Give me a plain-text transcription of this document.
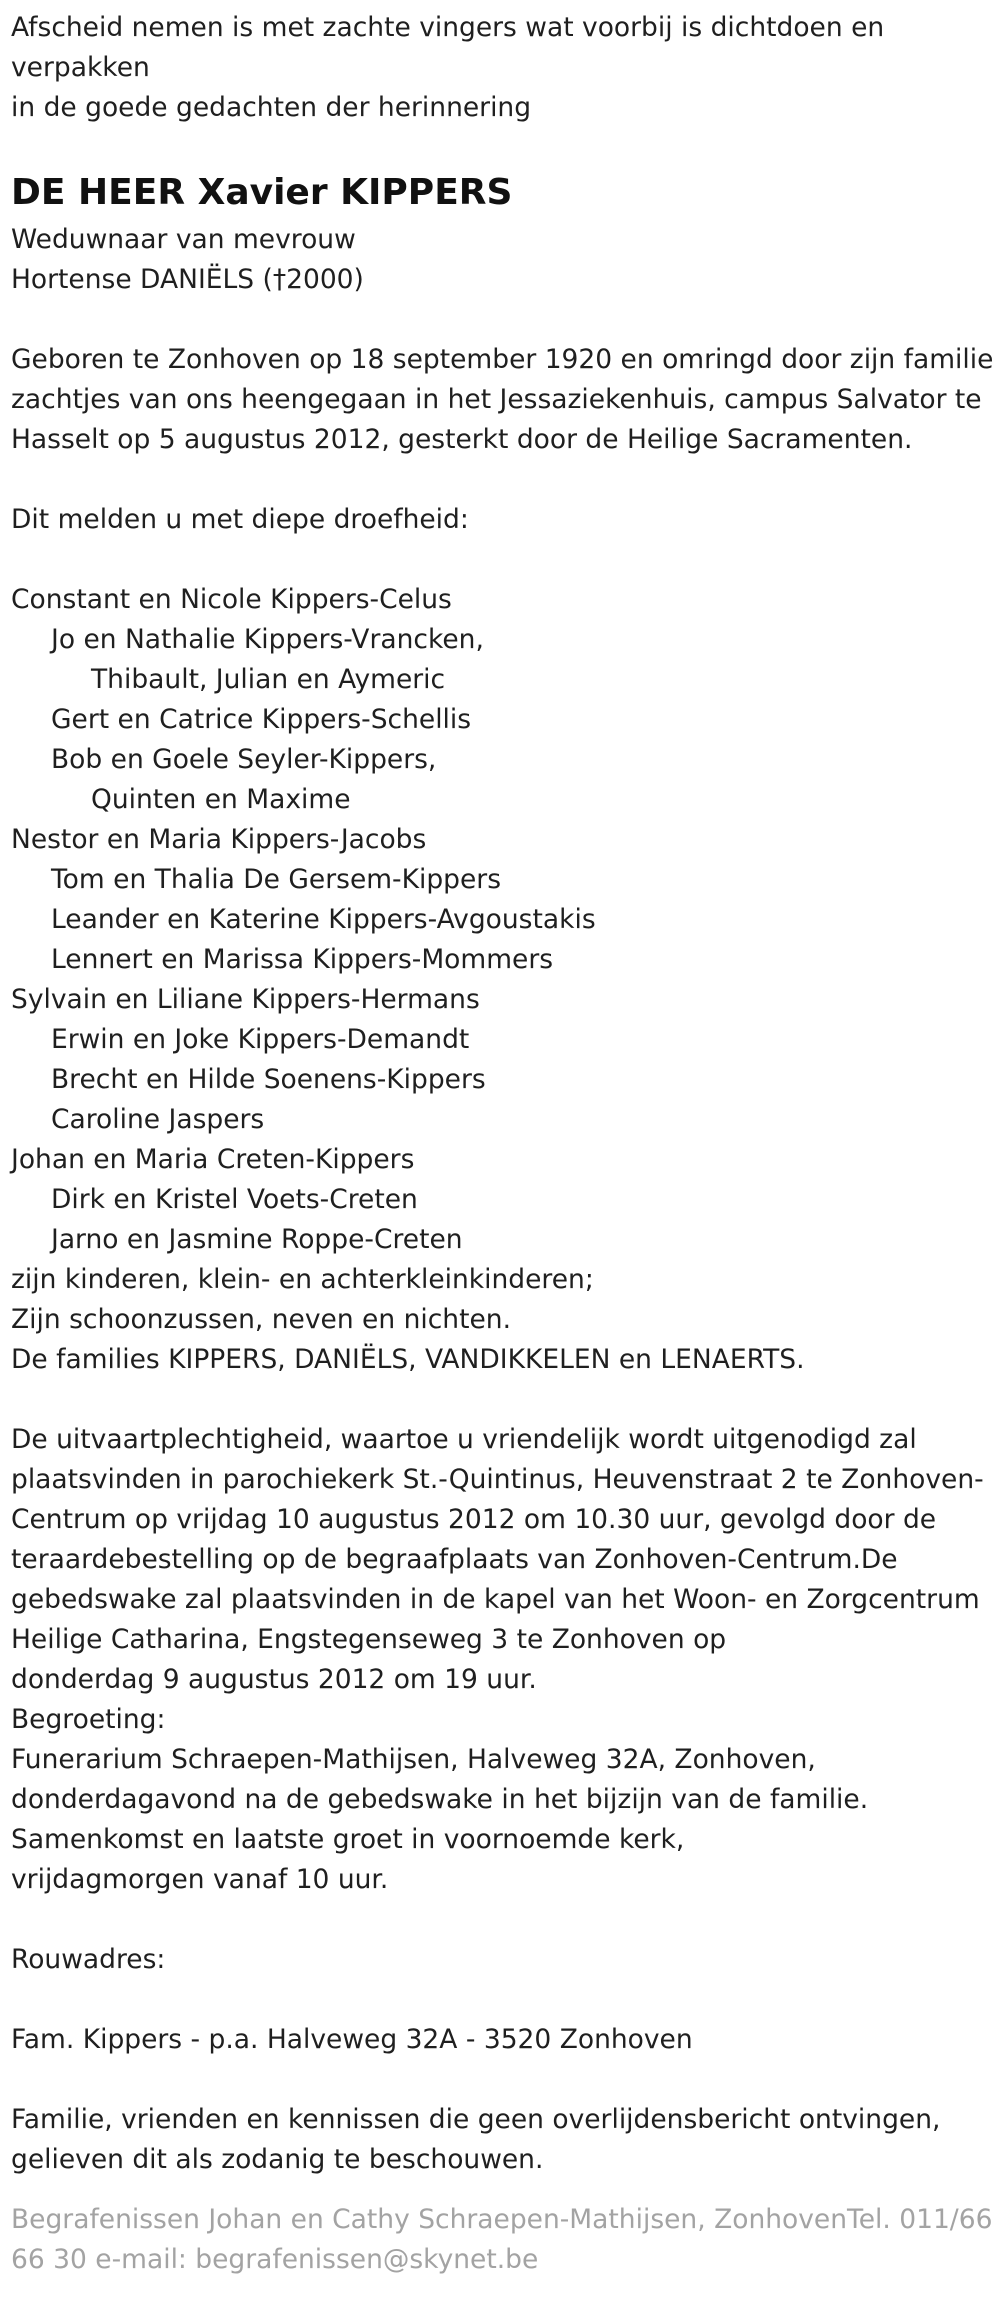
Afscheid nemen is met zachte vingers wat voorbij is dichtdoen en
verpakken
in de goede gedachten der herinnering
DE HEER Xavier KIPPERS
Weduwnaar van mevrouw
Hortense DANIËLS (†2000)
Geboren te Zonhoven op 18 september 1920 en omringd door zijn familie
zachtjes van ons heengegaan in het Jessaziekenhuis, campus Salvator te
Hasselt op 5 augustus 2012, gesterkt door de Heilige Sacramenten.
Dit melden u met diepe droefheid:
Constant en Nicole Kippers-Celus
Jo en Nathalie Kippers-Vrancken,
Thibault, Julian en Aymeric
Gert en Catrice Kippers-Schellis
Bob en Goele Seyler-Kippers,
Quinten en Maxime
Nestor en Maria Kippers-Jacobs
Tom en Thalia De Gersem-Kippers
Leander en Katerine Kippers-Avgoustakis
Lennert en Marissa Kippers-Mommers
Sylvain en Liliane Kippers-Hermans
Erwin en Joke Kippers-Demandt
Brecht en Hilde Soenens-Kippers
Caroline Jaspers
Johan en Maria Creten-Kippers
Dirk en Kristel Voets-Creten
Jarno en Jasmine Roppe-Creten
zijn kinderen, klein- en achterkleinkinderen;
Zijn schoonzussen, neven en nichten.
De families KIPPERS, DANIËLS, VANDIKKELEN en LENAERTS.
De uitvaartplechtigheid, waartoe u vriendelijk wordt uitgenodigd zal
plaatsvinden in parochiekerk St.-Quintinus, Heuvenstraat 2 te Zonhoven-
Centrum op vrijdag 10 augustus 2012 om 10.30 uur, gevolgd door de
teraardebestelling op de begraafplaats van Zonhoven-Centrum.De
gebedswake zal plaatsvinden in de kapel van het Woon- en Zorgcentrum
Heilige Catharina, Engstegenseweg 3 te Zonhoven op
donderdag 9 augustus 2012 om 19 uur.
Begroeting:
Funerarium Schraepen-Mathijsen, Halveweg 32A, Zonhoven,
donderdagavond na de gebedswake in het bijzijn van de familie.
Samenkomst en laatste groet in voornoemde kerk,
vrijdagmorgen vanaf 10 uur.
Rouwadres:
Fam. Kippers - p.a. Halveweg 32A - 3520 Zonhoven
Familie, vrienden en kennissen die geen overlijdensbericht ontvingen,
gelieven dit als zodanig te beschouwen.
Begrafenissen Johan en Cathy Schraepen-Mathijsen, ZonhovenTel. 011/66
66 30 e-mail: begrafenissen@skynet.be
